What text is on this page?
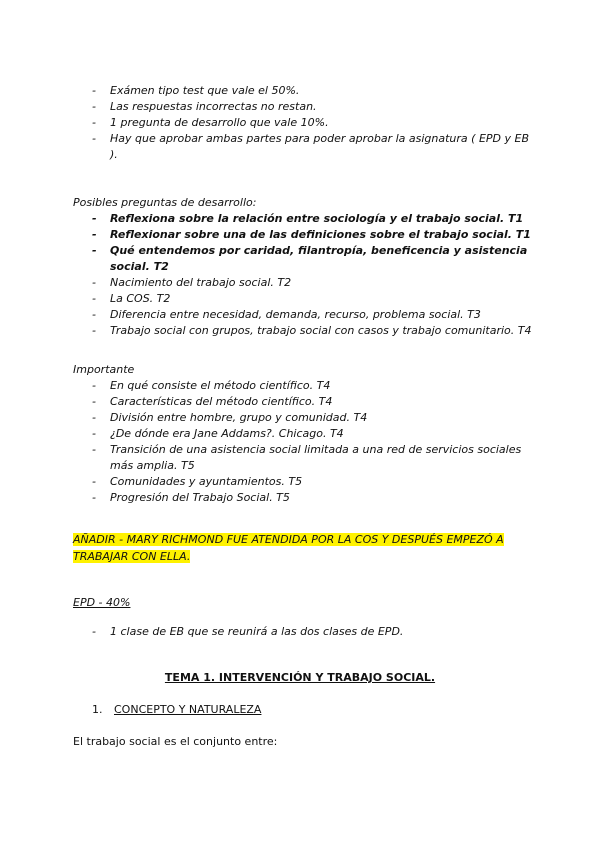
- Exámen tipo test que vale el 50%.
- Las respuestas incorrectas no restan.
- 1 pregunta de desarrollo que vale 10%.
- Hay que aprobar ambas partes para poder aprobar la asignatura ( EPD y EB ).
Posibles preguntas de desarrollo:
- Reflexiona sobre la relación entre sociología y el trabajo social. T1
- Reflexionar sobre una de las definiciones sobre el trabajo social. T1
- Qué entendemos por caridad, filantropía, beneficencia y asistencia social. T2
- Nacimiento del trabajo social. T2
- La COS. T2
- Diferencia entre necesidad, demanda, recurso, problema social. T3
- Trabajo social con grupos, trabajo social con casos y trabajo comunitario. T4
Importante
- En qué consiste el método científico. T4
- Características del método científico. T4
- División entre hombre, grupo y comunidad. T4
- ¿De dónde era Jane Addams?. Chicago. T4
- Transición de una asistencia social limitada a una red de servicios sociales más amplia. T5
- Comunidades y ayuntamientos. T5
- Progresión del Trabajo Social. T5
AÑADIR - MARY RICHMOND FUE ATENDIDA POR LA COS Y DESPUÉS EMPEZÓ A TRABAJAR CON ELLA.
EPD - 40%
- 1 clase de EB que se reunirá a las dos clases de EPD.
TEMA 1. INTERVENCIÓN Y TRABAJO SOCIAL.
1. CONCEPTO Y NATURALEZA
El trabajo social es el conjunto entre:
